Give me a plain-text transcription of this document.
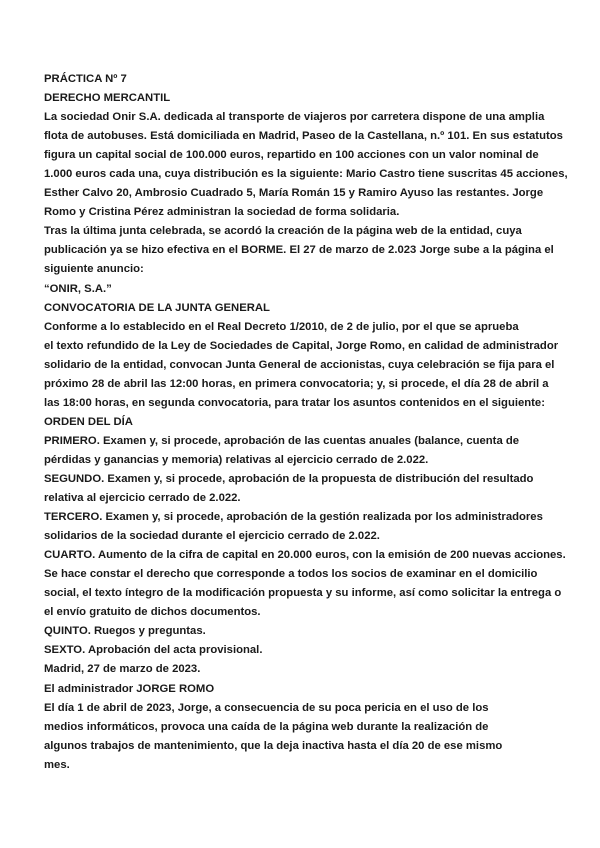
PRÁCTICA Nº 7
DERECHO MERCANTIL
La sociedad Onir S.A. dedicada al transporte de viajeros por carretera dispone de una amplia
flota de autobuses. Está domiciliada en Madrid, Paseo de la Castellana, n.º 101. En sus estatutos
figura un capital social de 100.000 euros, repartido en 100 acciones con un valor nominal de
1.000 euros cada una, cuya distribución es la siguiente: Mario Castro tiene suscritas 45 acciones,
Esther Calvo 20, Ambrosio Cuadrado 5, María Román 15 y Ramiro Ayuso las restantes. Jorge
Romo y Cristina Pérez administran la sociedad de forma solidaria.
Tras la última junta celebrada, se acordó la creación de la página web de la entidad, cuya
publicación ya se hizo efectiva en el BORME. El 27 de marzo de 2.023 Jorge sube a la página el
siguiente anuncio:
“ONIR, S.A.”
CONVOCATORIA DE LA JUNTA GENERAL
Conforme a lo establecido en el Real Decreto 1/2010, de 2 de julio, por el que se aprueba
el texto refundido de la Ley de Sociedades de Capital, Jorge Romo, en calidad de administrador
solidario de la entidad, convocan Junta General de accionistas, cuya celebración se fija para el
próximo 28 de abril las 12:00 horas, en primera convocatoria; y, si procede, el día 28 de abril a
las 18:00 horas, en segunda convocatoria, para tratar los asuntos contenidos en el siguiente:
ORDEN DEL DÍA
PRIMERO. Examen y, si procede, aprobación de las cuentas anuales (balance, cuenta de
pérdidas y ganancias y memoria) relativas al ejercicio cerrado de 2.022.
SEGUNDO. Examen y, si procede, aprobación de la propuesta de distribución del resultado
relativa al ejercicio cerrado de 2.022.
TERCERO. Examen y, si procede, aprobación de la gestión realizada por los administradores
solidarios de la sociedad durante el ejercicio cerrado de 2.022.
CUARTO. Aumento de la cifra de capital en 20.000 euros, con la emisión de 200 nuevas acciones.
Se hace constar el derecho que corresponde a todos los socios de examinar en el domicilio
social, el texto íntegro de la modificación propuesta y su informe, así como solicitar la entrega o
el envío gratuito de dichos documentos.
QUINTO. Ruegos y preguntas.
SEXTO. Aprobación del acta provisional.
Madrid, 27 de marzo de 2023.
El administrador JORGE ROMO
El día 1 de abril de 2023, Jorge, a consecuencia de su poca pericia en el uso de los
medios informáticos, provoca una caída de la página web durante la realización de
algunos trabajos de mantenimiento, que la deja inactiva hasta el día 20 de ese mismo
mes.
